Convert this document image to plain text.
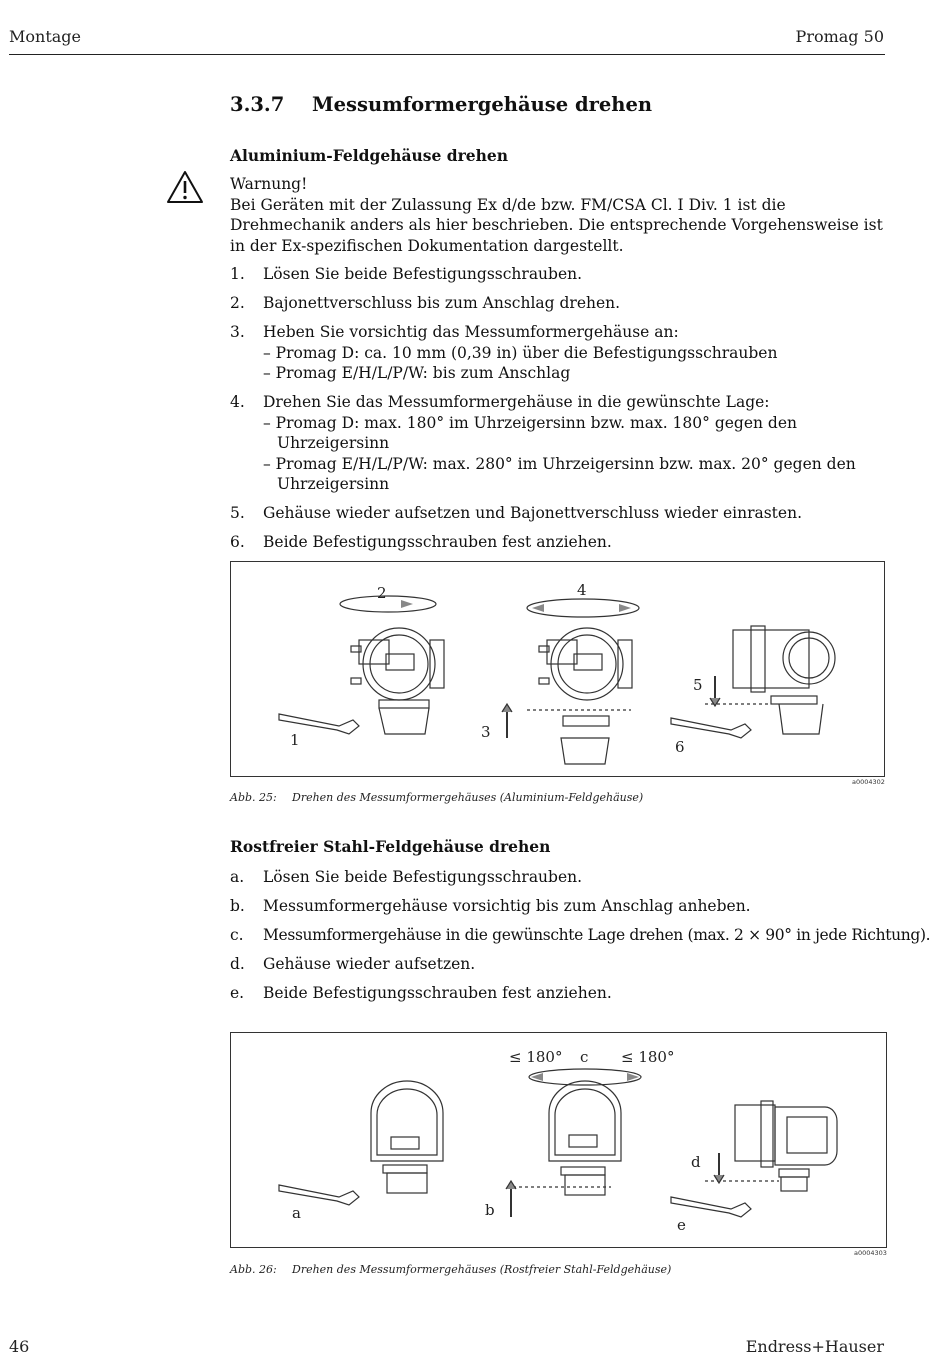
Montage	Promag 50
3.3.7 Messumformergehäuse drehen
Aluminium-Feldgehäuse drehen

Warnung!

Bei Geräten mit der Zulassung Ex d/de bzw. FM/CSA Cl. I Div. 1 ist die Drehmechanik anders als hier beschrieben. Die entsprechende Vorgehensweise ist in der Ex-spezifischen Dokumentation dargestellt.

1. Lösen Sie beide Befestigungsschrauben.
2. Bajonettverschluss bis zum Anschlag drehen.
3. Heben Sie vorsichtig das Messumformergehäuse an:
– Promag D: ca. 10 mm (0,39 in) über die Befestigungsschrauben
– Promag E/H/L/P/W: bis zum Anschlag
4. Drehen Sie das Messumformergehäuse in die gewünschte Lage:
– Promag D: max. 180° im Uhrzeigersinn bzw. max. 180° gegen den Uhrzeigersinn
– Promag E/H/L/P/W: max. 280° im Uhrzeigersinn bzw. max. 20° gegen den Uhrzeigersinn
5. Gehäuse wieder aufsetzen und Bajonettverschluss wieder einrasten.
6. Beide Befestigungsschrauben fest anziehen.
2	4
5
3
1	6
a0004302
Abb. 25: Drehen des Messumformergehäuses (Aluminium-Feldgehäuse)
Rostfreier Stahl-Feldgehäuse drehen
a. Lösen Sie beide Befestigungsschrauben.
b. Messumformergehäuse vorsichtig bis zum Anschlag anheben.
c. Messumformergehäuse in die gewünschte Lage drehen (max. 2 × 90° in jede Richtung).
d. Gehäuse wieder aufsetzen.
e. Beide Befestigungsschrauben fest anziehen.
≤ 180° c ≤ 180°
d
b
a
e
a0004303
Abb. 26: Drehen des Messumformergehäuses (Rostfreier Stahl-Feldgehäuse)
46	Endress+Hauser
